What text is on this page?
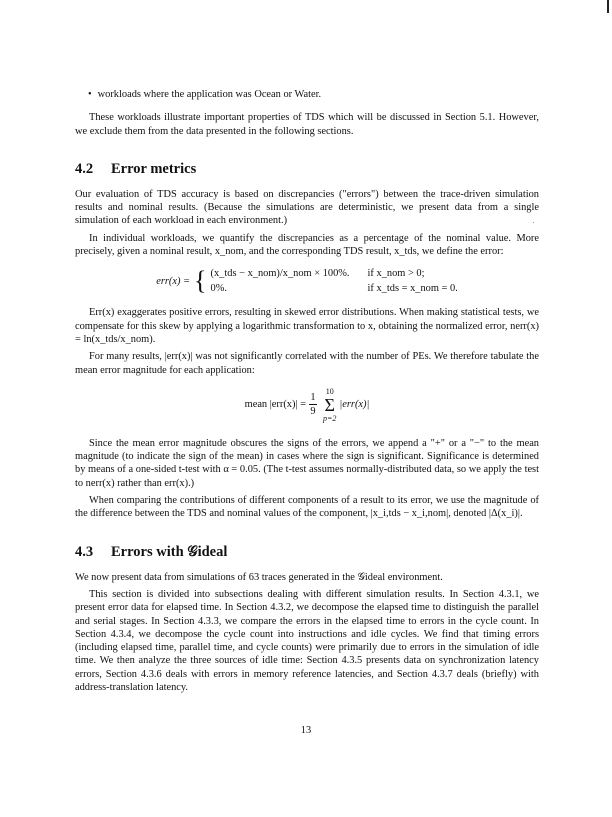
• workloads where the application was Ocean or Water.

These workloads illustrate important properties of TDS which will be discussed in Section 5.1. However, we exclude them from the data presented in the following sections.

4.2 Error metrics

Our evaluation of TDS accuracy is based on discrepancies ("errors") between the trace-driven simulation results and nominal results. (Because the simulations are deterministic, we present data from a single simulation of each workload in each environment.)

In individual workloads, we quantify the discrepancies as a percentage of the nominal value. More precisely, given a nominal result, x_nom, and the corresponding TDS result, x_tds, we define the error:

err(x) = { (x_tds − x_nom)/x_nom × 100%. if x_nom > 0;
0%.	if x_tds = x_nom = 0.

Err(x) exaggerates positive errors, resulting in skewed error distributions. When making statistical tests, we compensate for this skew by applying a logarithmic transformation to x, obtaining the normalized error, nerr(x) = ln(x_tds/x_nom).

For many results, |err(x)| was not significantly correlated with the number of PEs. We therefore tabulate the mean error magnitude for each application:

mean $|err(x)| = \frac{1}{9} 10$
Σ
p=2
|err(x)|

Since the mean error magnitude obscures the signs of the errors, we append a "+" or a "−" to the mean magnitude (to indicate the sign of the mean) in cases where the sign is significant. Significance is determined by means of a one-sided t-test with α = 0.05. (The t-test assumes normally-distributed data, so we apply the test to nerr(x) rather than err(x).)

When comparing the contributions of different components of a result to its error, we use the magnitude of the difference between the TDS and nominal values of the component, |x_i,tds − x_i,nom|, denoted |Δ(x_i)|.

4.3 Errors with 𝒢ideal

We now present data from simulations of 63 traces generated in the 𝒢ideal environment.

This section is divided into subsections dealing with different simulation results. In Section 4.3.1, we present error data for elapsed time. In Section 4.3.2, we decompose the elapsed time to distinguish the parallel and serial stages. In Section 4.3.3, we compare the errors in the elapsed time to errors in the cycle count. In Section 4.3.4, we decompose the cycle count into instructions and idle cycles. We find that timing errors (including elapsed time, parallel time, and cycle counts) were primarily due to errors in the simulation of idle time. We then analyze the three sources of idle time: Section 4.3.5 presents data on synchronization latency errors, Section 4.3.6 deals with errors in memory reference latencies, and Section 4.3.7 deals (briefly) with address-translation latency.

13
